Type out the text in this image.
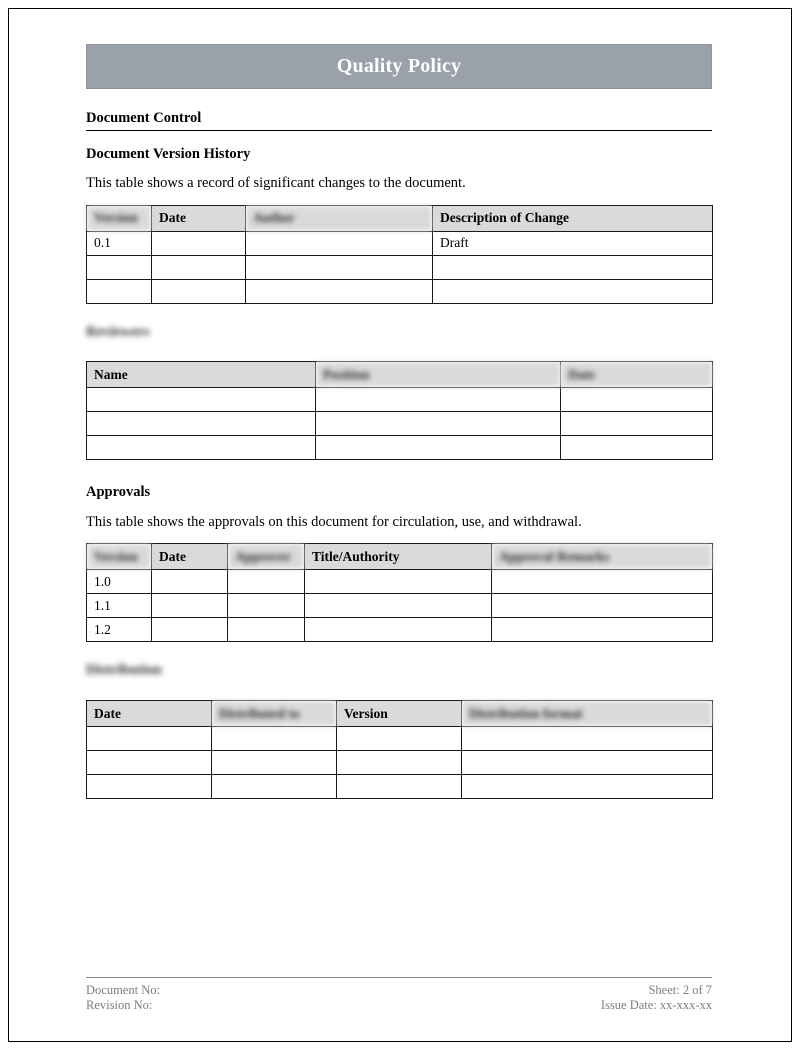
Quality Policy
Document Control
Document Version History
This table shows a record of significant changes to the document.
Version	Date	Author	Description of Change
0.1			Draft

Reviewers
Name	Position	Date

Approvals
This table shows the approvals on this document for circulation, use, and withdrawal.
Version	Date	Approver	Title/Authority	Approval Remarks
1.0				
1.1				
1.2				
Distribution
Date	Distributed to	Version	Distribution format

Document No:	Sheet: 2 of 7
Revision No:	Issue Date: xx-xxx-xx
